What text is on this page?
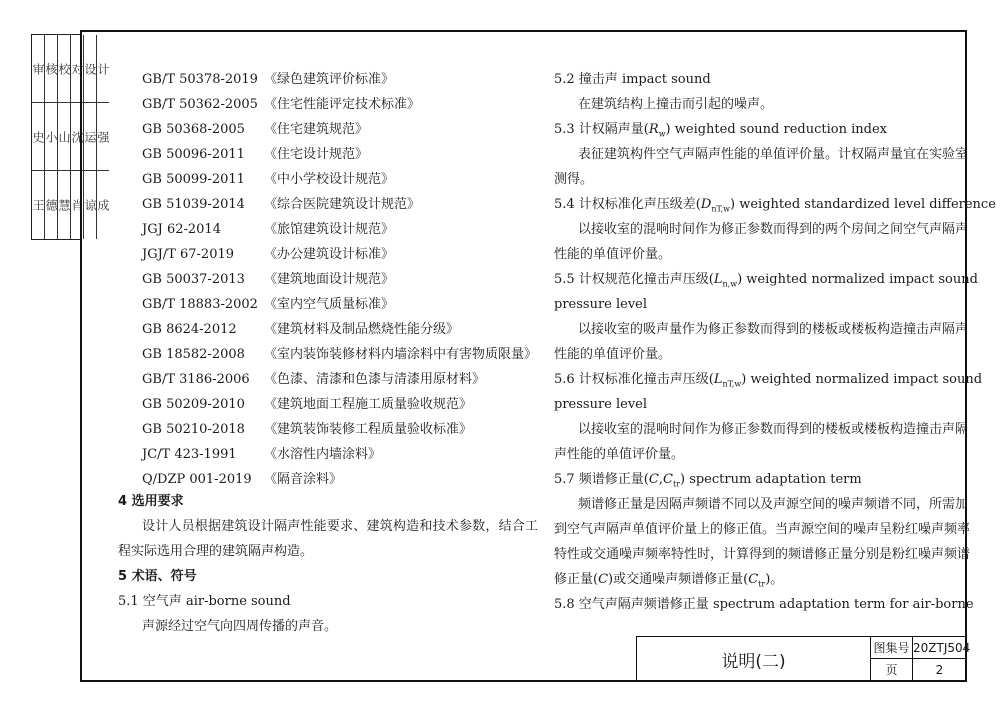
审 核 校 对 设 计
史 小 山 沈 运 强
王 德 慧 肖 谅 成
GB/T 50378-2019 《绿色建筑评价标准》
GB/T 50362-2005 《住宅性能评定技术标准》
GB 50368-2005 《住宅建筑规范》
GB 50096-2011 《住宅设计规范》
GB 50099-2011 《中小学校设计规范》
GB 51039-2014 《综合医院建筑设计规范》
JGJ 62-2014	《旅馆建筑设计规范》
JGJ/T 67-2019 《办公建筑设计标准》
GB 50037-2013 《建筑地面设计规范》
GB/T 18883-2002 《室内空气质量标准》
GB 8624-2012 《建筑材料及制品燃烧性能分级》
GB 18582-2008 《室内装饰装修材料内墙涂料中有害物质限量》
GB/T 3186-2006 《色漆、清漆和色漆与清漆用原材料》
GB 50209-2010 《建筑地面工程施工质量验收规范》
GB 50210-2018 《建筑装饰装修工程质量验收标准》
JC/T 423-1991 《水溶性内墙涂料》
Q/DZP 001-2019 《隔音涂料》
4 选用要求
设计人员根据建筑设计隔声性能要求、建筑构造和技术参数，结合工
程实际选用合理的建筑隔声构造。
5 术语、符号
5.1 空气声 air-borne sound
声源经过空气向四周传播的声音。
5.2 撞击声 impact sound
在建筑结构上撞击而引起的噪声。
5.3 计权隔声量$(R_w)$ weighted sound reduction index
表征建筑构件空气声隔声性能的单值评价量。计权隔声量宜在实验室
测得。
5.4 计权标准化声压级差$(D_{nT,w})$ weighted standardized level difference
以接收室的混响时间作为修正参数而得到的两个房间之间空气声隔声
性能的单值评价量。
5.5 计权规范化撞击声压级$(L_{n,w})$ weighted normalized impact sound
pressure level
以接收室的吸声量作为修正参数而得到的楼板或楼板构造撞击声隔声
性能的单值评价量。
5.6 计权标准化撞击声压级$(L_{nT,w})$ weighted normalized impact sound
pressure level
以接收室的混响时间作为修正参数而得到的楼板或楼板构造撞击声隔
声性能的单值评价量。
5.7 频谱修正量$(C,C_{tr})$ spectrum adaptation term
频谱修正量是因隔声频谱不同以及声源空间的噪声频谱不同，所需加
到空气声隔声单值评价量上的修正值。当声源空间的噪声呈粉红噪声频率
特性或交通噪声频率特性时，计算得到的频谱修正量分别是粉红噪声频谱
修正量(C)或交通噪声频谱修正量$(C_{tr})$。
5.8 空气声隔声频谱修正量 spectrum adaptation term for air-borne
说明(二)
图集号 20ZTJ504
页	2
